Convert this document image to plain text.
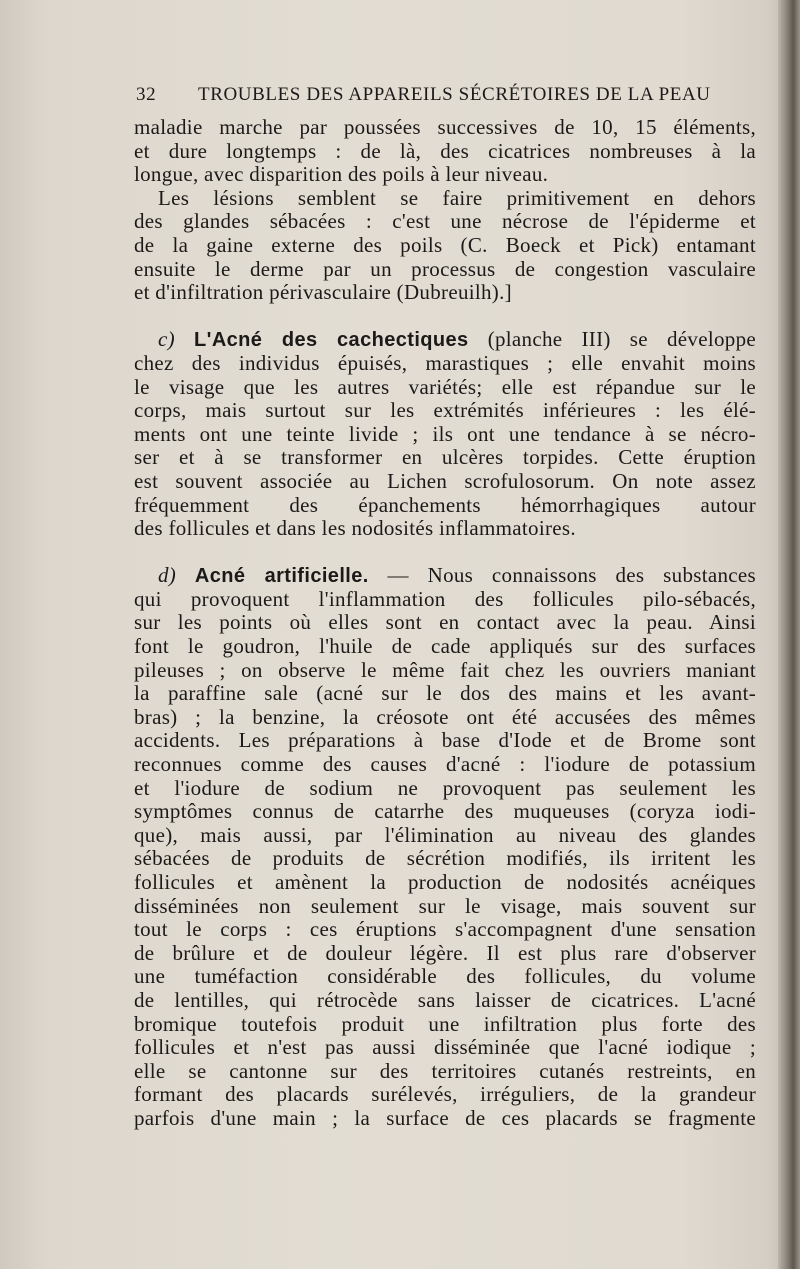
32	TROUBLES DES APPAREILS SÉCRÉTOIRES DE LA PEAU
maladie marche par poussées successives de 10, 15 éléments,
et dure longtemps : de là, des cicatrices nombreuses à la
longue, avec disparition des poils à leur niveau.
Les lésions semblent se faire primitivement en dehors
des glandes sébacées : c'est une nécrose de l'épiderme et
de la gaine externe des poils (C. Boeck et Pick) entamant
ensuite le derme par un processus de congestion vasculaire
et d'infiltration périvasculaire (Dubreuilh).]
c) L'Acné des cachectiques (planche III) se développe
chez des individus épuisés, marastiques ; elle envahit moins
le visage que les autres variétés; elle est répandue sur le
corps, mais surtout sur les extrémités inférieures : les élé-
ments ont une teinte livide ; ils ont une tendance à se nécro-
ser et à se transformer en ulcères torpides. Cette éruption
est souvent associée au Lichen scrofulosorum. On note assez
fréquemment des épanchements hémorrhagiques autour
des follicules et dans les nodosités inflammatoires.
d) Acné artificielle. — Nous connaissons des substances
qui provoquent l'inflammation des follicules pilo-sébacés,
sur les points où elles sont en contact avec la peau. Ainsi
font le goudron, l'huile de cade appliqués sur des surfaces
pileuses ; on observe le même fait chez les ouvriers maniant
la paraffine sale (acné sur le dos des mains et les avant-
bras) ; la benzine, la créosote ont été accusées des mêmes
accidents. Les préparations à base d'Iode et de Brome sont
reconnues comme des causes d'acné : l'iodure de potassium
et l'iodure de sodium ne provoquent pas seulement les
symptômes connus de catarrhe des muqueuses (coryza iodi-
que), mais aussi, par l'élimination au niveau des glandes
sébacées de produits de sécrétion modifiés, ils irritent les
follicules et amènent la production de nodosités acnéiques
disséminées non seulement sur le visage, mais souvent sur
tout le corps : ces éruptions s'accompagnent d'une sensation
de brûlure et de douleur légère. Il est plus rare d'observer
une tuméfaction considérable des follicules, du volume
de lentilles, qui rétrocède sans laisser de cicatrices. L'acné
bromique toutefois produit une infiltration plus forte des
follicules et n'est pas aussi disséminée que l'acné iodique ;
elle se cantonne sur des territoires cutanés restreints, en
formant des placards surélevés, irréguliers, de la grandeur
parfois d'une main ; la surface de ces placards se fragmente
